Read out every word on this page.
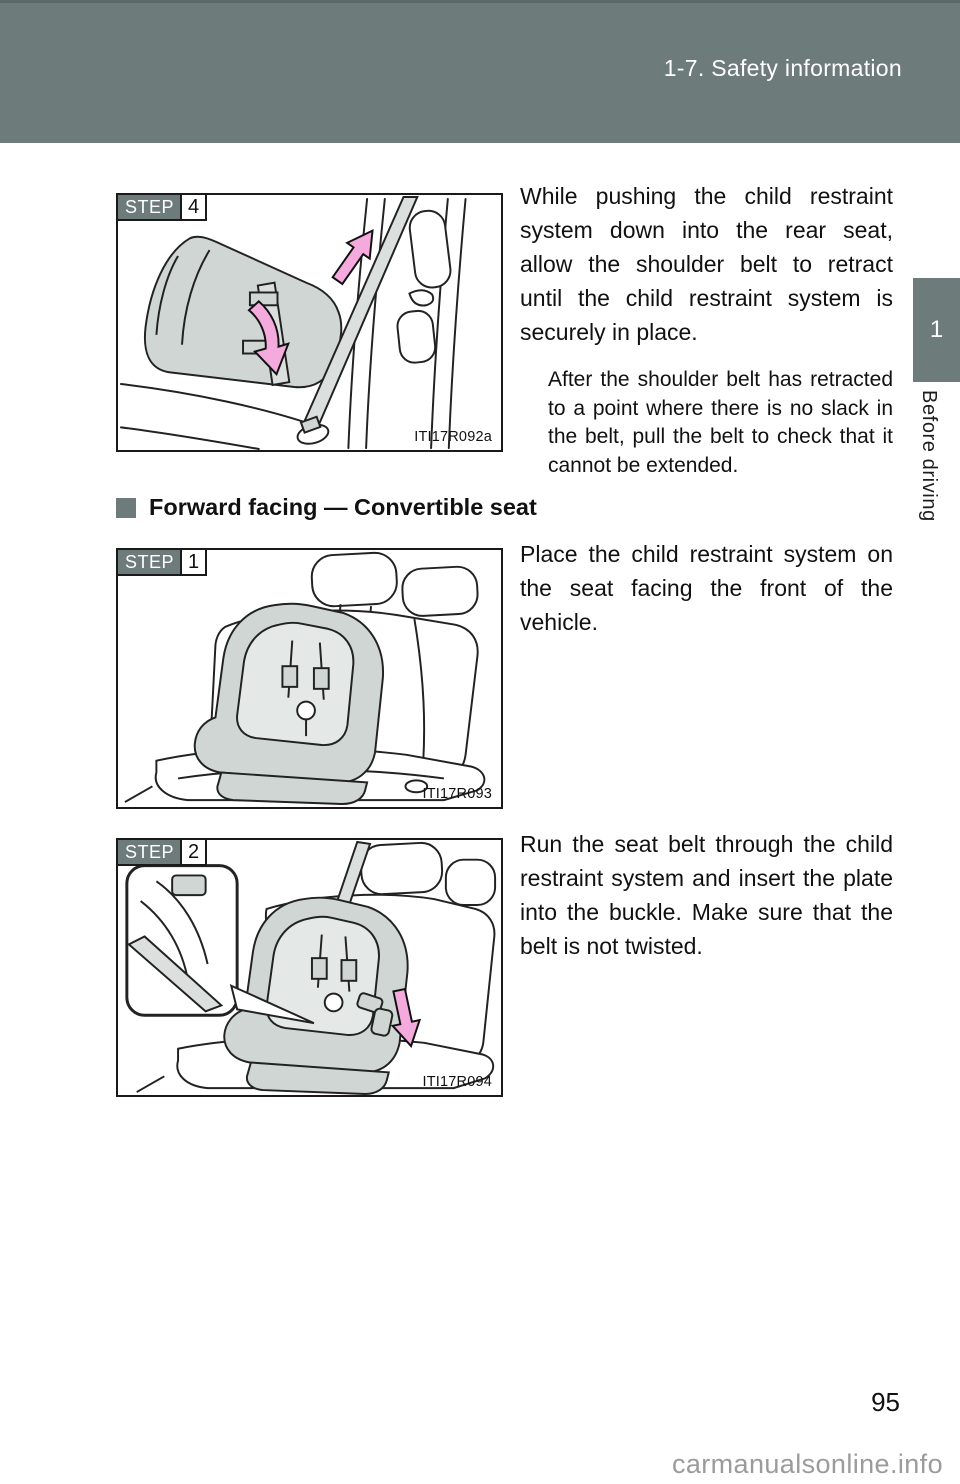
1-7. Safety information
1
Before driving
STEP 4
ITI17R092a
While pushing the child restraint system down into the rear seat, allow the shoulder belt to retract until the child restraint system is securely in place.
After the shoulder belt has retracted to a point where there is no slack in the belt, pull the belt to check that it cannot be extended.
Forward facing — Convertible seat
STEP 1
ITI17R093
Place the child restraint system on the seat facing the front of the vehicle.
STEP 2
ITI17R094
Run the seat belt through the child restraint system and insert the plate into the buckle. Make sure that the belt is not twisted.
95
carmanualsonline.info
